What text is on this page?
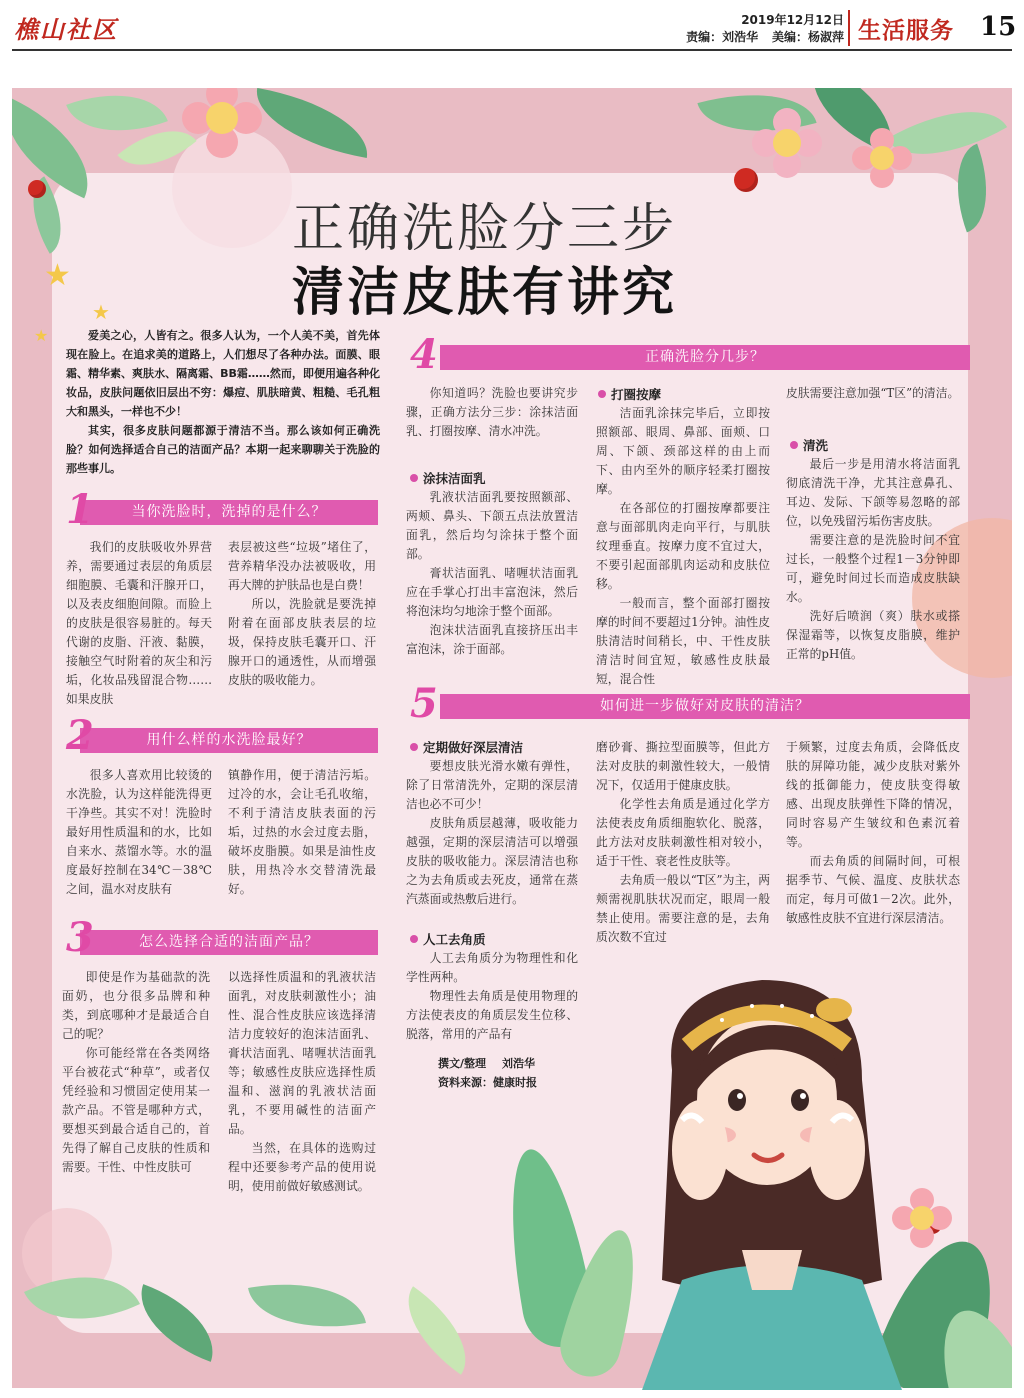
樵山社区	2019年12月12日
责编：刘浩华 美编：杨淑萍 生活服务 15
★
★
★
正确洗脸分三步
清洁皮肤有讲究

爱美之心，人皆有之。很多人认为，一个人美不美，首先体现在脸上。在追求美的道路上，人们想尽了各种办法。面膜、眼霜、精华素、爽肤水、隔离霜、BB霜……然而，即便用遍各种化妆品，皮肤问题依旧层出不穷：爆痘、肌肤暗黄、粗糙、毛孔粗大和黑头，一样也不少！

其实，很多皮肤问题都源于清洁不当。那么该如何正确洗脸？如何选择适合自己的洁面产品？本期一起来聊聊关于洗脸的那些事儿。

当你洗脸时，洗掉的是什么？
1

我们的皮肤吸收外界营养，需要通过表层的角质层细胞膜、毛囊和汗腺开口，以及表皮细胞间隙。而脸上的皮肤是很容易脏的。每天代谢的皮脂、汗液、黏膜，接触空气时附着的灰尘和污垢，化妆品残留混合物……如果皮肤

表层被这些“垃圾”堵住了，营养精华没办法被吸收，用再大牌的护肤品也是白费！

所以，洗脸就是要洗掉附着在面部皮肤表层的垃圾，保持皮肤毛囊开口、汗腺开口的通透性，从而增强皮肤的吸收能力。

用什么样的水洗脸最好？
2

很多人喜欢用比较烫的水洗脸，认为这样能洗得更干净些。其实不对！洗脸时最好用性质温和的水，比如自来水、蒸馏水等。水的温度最好控制在34℃－38℃之间，温水对皮肤有

镇静作用，便于清洁污垢。过冷的水，会让毛孔收缩，不利于清洁皮肤表面的污垢，过热的水会过度去脂，破坏皮脂膜。如果是油性皮肤，用热冷水交替清洗最好。

怎么选择合适的洁面产品？
3

即使是作为基础款的洗面奶，也分很多品牌和种类，到底哪种才是最适合自己的呢？

你可能经常在各类网络平台被花式“种草”，或者仅凭经验和习惯固定使用某一款产品。不管是哪种方式，要想买到最合适自己的，首先得了解自己皮肤的性质和需要。干性、中性皮肤可

以选择性质温和的乳液状洁面乳，对皮肤刺激性小；油性、混合性皮肤应该选择清洁力度较好的泡沫洁面乳、膏状洁面乳、啫喱状洁面乳等；敏感性皮肤应选择性质温和、滋润的乳液状洁面乳，不要用碱性的洁面产品。

当然，在具体的选购过程中还要参考产品的使用说明，使用前做好敏感测试。

正确洗脸分几步？
4

你知道吗？洗脸也要讲究步骤，正确方法分三步：涂抹洁面乳、打圈按摩、清水冲洗。

涂抹洁面乳

乳液状洁面乳要按照额部、两颊、鼻头、下颌五点法放置洁面乳，然后均匀涂抹于整个面部。

膏状洁面乳、啫喱状洁面乳应在手掌心打出丰富泡沫，然后将泡沫均匀地涂于整个面部。

泡沫状洁面乳直接挤压出丰富泡沫，涂于面部。

打圈按摩

洁面乳涂抹完毕后，立即按照额部、眼周、鼻部、面颊、口周、下颌、颈部这样的由上而下、由内至外的顺序轻柔打圈按摩。

在各部位的打圈按摩都要注意与面部肌肉走向平行，与肌肤纹理垂直。按摩力度不宜过大，不要引起面部肌肉运动和皮肤位移。

一般而言，整个面部打圈按摩的时间不要超过1分钟。油性皮肤清洁时间稍长，中、干性皮肤清洁时间宜短，敏感性皮肤最短，混合性

皮肤需要注意加强“T区”的清洁。

清洗

最后一步是用清水将洁面乳彻底清洗干净，尤其注意鼻孔、耳边、发际、下颌等易忽略的部位，以免残留污垢伤害皮肤。

需要注意的是洗脸时间不宜过长，一般整个过程1－3分钟即可，避免时间过长而造成皮肤缺水。

洗好后喷润（爽）肤水或搽保湿霜等，以恢复皮脂膜，维护正常的pH值。

如何进一步做好对皮肤的清洁？
5
定期做好深层清洁

要想皮肤光滑水嫩有弹性，除了日常清洗外，定期的深层清洁也必不可少！

皮肤角质层越薄，吸收能力越强，定期的深层清洁可以增强皮肤的吸收能力。深层清洁也称之为去角质或去死皮，通常在蒸汽蒸面或热敷后进行。

人工去角质

人工去角质分为物理性和化学性两种。

物理性去角质是使用物理的方法使表皮的角质层发生位移、脱落，常用的产品有

磨砂膏、撕拉型面膜等，但此方法对皮肤的刺激性较大，一般情况下，仅适用于健康皮肤。

化学性去角质是通过化学方法使表皮角质细胞软化、脱落，此方法对皮肤刺激性相对较小，适于干性、衰老性皮肤等。

去角质一般以“T区”为主，两颊需视肌肤状况而定，眼周一般禁止使用。需要注意的是，去角质次数不宜过

于频繁，过度去角质，会降低皮肤的屏障功能，减少皮肤对紫外线的抵御能力，使皮肤变得敏感、出现皮肤弹性下降的情况，同时容易产生皱纹和色素沉着等。

而去角质的间隔时间，可根据季节、气候、温度、皮肤状态而定，每月可做1－2次。此外，敏感性皮肤不宜进行深层清洁。

撰文/整理 刘浩华
资料来源：健康时报
